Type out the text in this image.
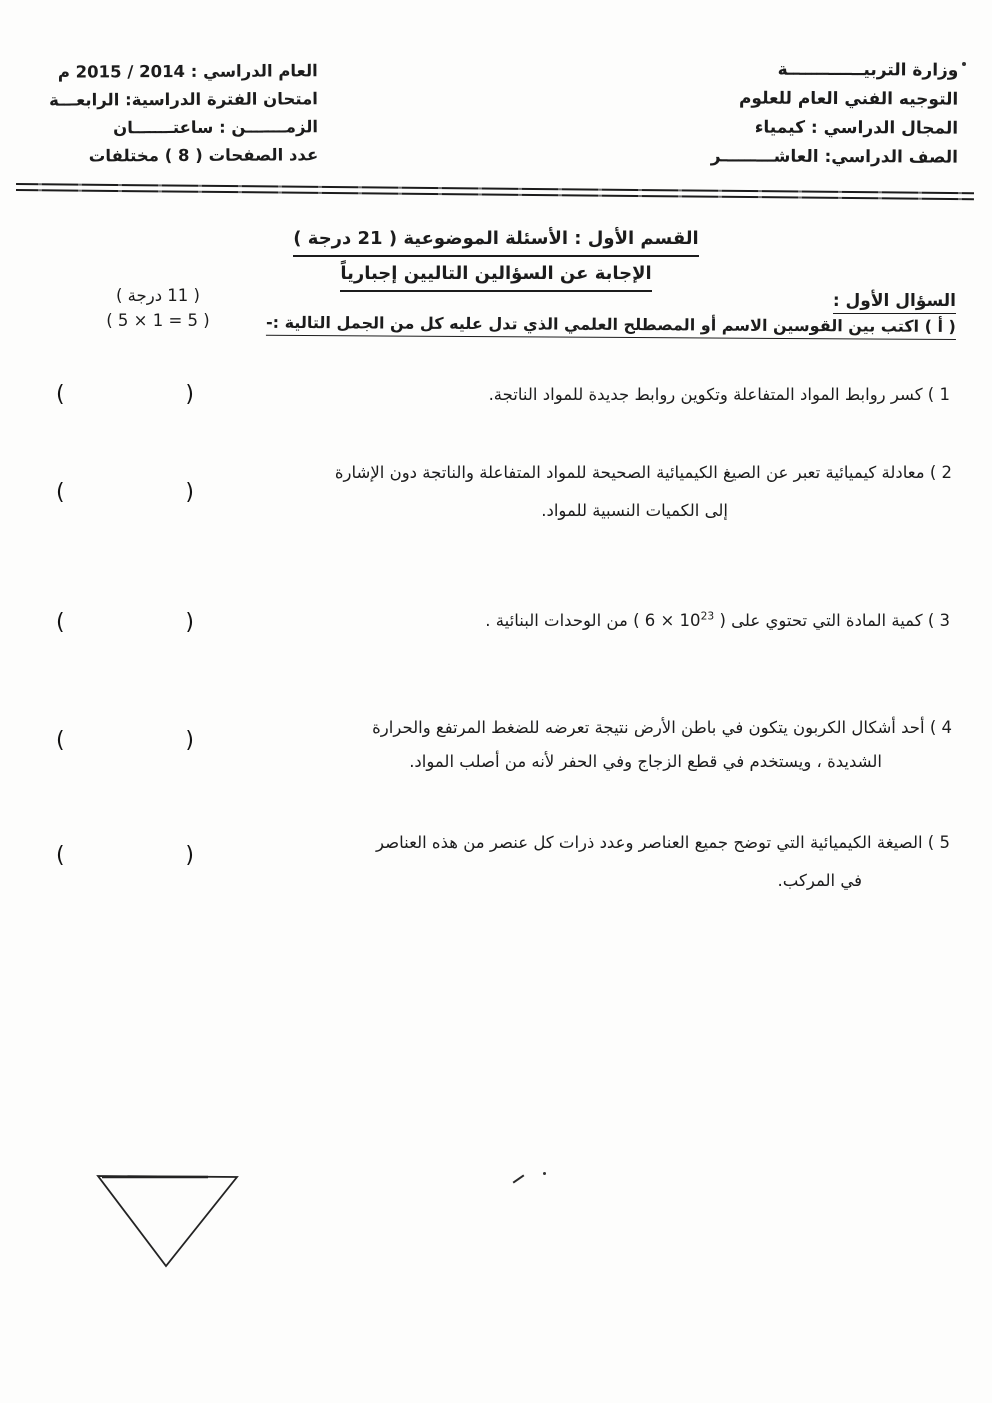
وزارة التربيـــــــــــــة
التوجيه الفني العام للعلوم
المجال الدراسي : كيمياء
الصف الدراسي: العاشـــــــــر
العام الدراسي : 2014 / 2015 م
امتحان الفترة الدراسية: الرابعـــة
الزمـــــــن : ساعتـــــــان
عدد الصفحات ( 8 ) مختلفات
القسم الأول : الأسئلة الموضوعية ( 21 درجة )
الإجابة عن السؤالين التاليين إجبارياً
( 11 درجة )
( 5 × 1 = 5 )
السؤال الأول :
( أ ) اكتب بين القوسين الاسم أو المصطلح العلمي الذي تدل عليه كل من الجمل التالية :-
1 ) كسر روابط المواد المتفاعلة وتكوين روابط جديدة للمواد الناتجة.
(	)
2 ) معادلة كيميائية تعبر عن الصيغ الكيميائية الصحيحة للمواد المتفاعلة والناتجة دون الإشارة
إلى الكميات النسبية للمواد.
(	)
3 ) كمية المادة التي تحتوي على ( $6 \times 10^{23}$ ) من الوحدات البنائية .
(	)
4 ) أحد أشكال الكربون يتكون في باطن الأرض نتيجة تعرضه للضغط المرتفع والحرارة
الشديدة ، ويستخدم في قطع الزجاج وفي الحفر لأنه من أصلب المواد.
(	)
5 ) الصيغة الكيميائية التي توضح جميع العناصر وعدد ذرات كل عنصر من هذه العناصر
في المركب.
(	)
